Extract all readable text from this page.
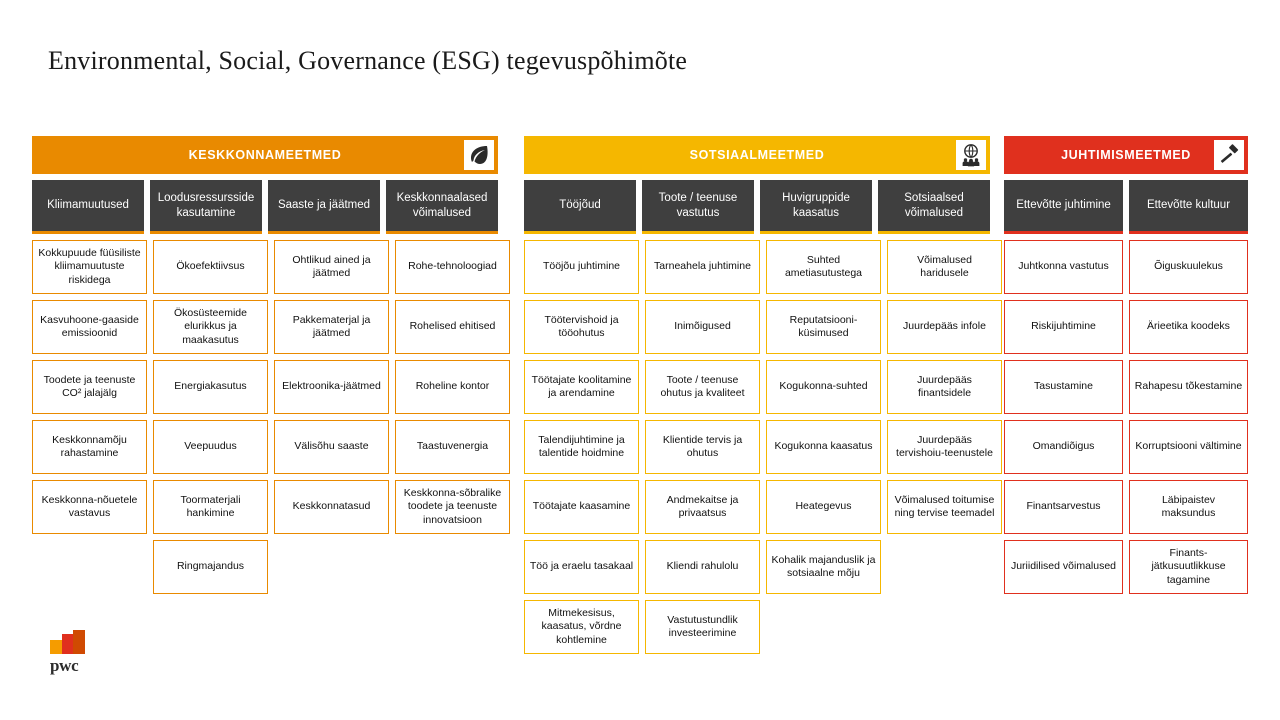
Environmental, Social, Governance (ESG) tegevuspõhimõte
KESKKONNAMEETMED
Kliimamuutused
Loodusressursside kasutamine
Saaste ja jäätmed
Keskkonnaalased võimalused
Kokkupuude füüsiliste kliimamuutuste riskidega
Kasvuhoone-gaaside emissioonid
Toodete ja teenuste CO² jalajälg
Keskkonnamõju rahastamine
Keskkonna-nõuetele vastavus
Ökoefektiivsus
Ökosüsteemide elurikkus ja maakasutus
Energiakasutus
Veepuudus
Toormaterjali hankimine
Ringmajandus
Ohtlikud ained ja jäätmed
Pakkematerjal ja jäätmed
Elektroonika-jäätmed
Välisõhu saaste
Keskkonnatasud
Rohe-tehnoloogiad
Rohelised ehitised
Roheline kontor
Taastuvenergia
Keskkonna-sõbralike toodete ja teenuste innovatsioon
SOTSIAALMEETMED
Tööjõud
Toote / teenuse vastutus
Huvigruppide kaasatus
Sotsiaalsed võimalused
Tööjõu juhtimine
Töötervishoid ja tööohutus
Töötajate koolitamine ja arendamine
Talendijuhtimine ja talentide hoidmine
Töötajate kaasamine
Töö ja eraelu tasakaal
Mitmekesisus, kaasatus, võrdne kohtlemine
Tarneahela juhtimine
Inimõigused
Toote / teenuse ohutus ja kvaliteet
Klientide tervis ja ohutus
Andmekaitse ja privaatsus
Kliendi rahulolu
Vastutustundlik investeerimine
Suhted ametiasutustega
Reputatsiooni-küsimused
Kogukonna-suhted
Kogukonna kaasatus
Heategevus
Kohalik majanduslik ja sotsiaalne mõju
Võimalused haridusele
Juurdepääs infole
Juurdepääs finantsidele
Juurdepääs tervishoiu-teenustele
Võimalused toitumise ning tervise teemadel
JUHTIMISMEETMED
Ettevõtte juhtimine	Ettevõtte kultuur
Juhtkonna vastutus
Riskijuhtimine
Tasustamine
Omandiõigus
Finantsarvestus
Juriidilised võimalused
Õiguskuulekus
Ärieetika koodeks
Rahapesu tõkestamine
Korruptsiooni vältimine
Läbipaistev maksundus
Finants-jätkusuutlikkuse tagamine
pwc
